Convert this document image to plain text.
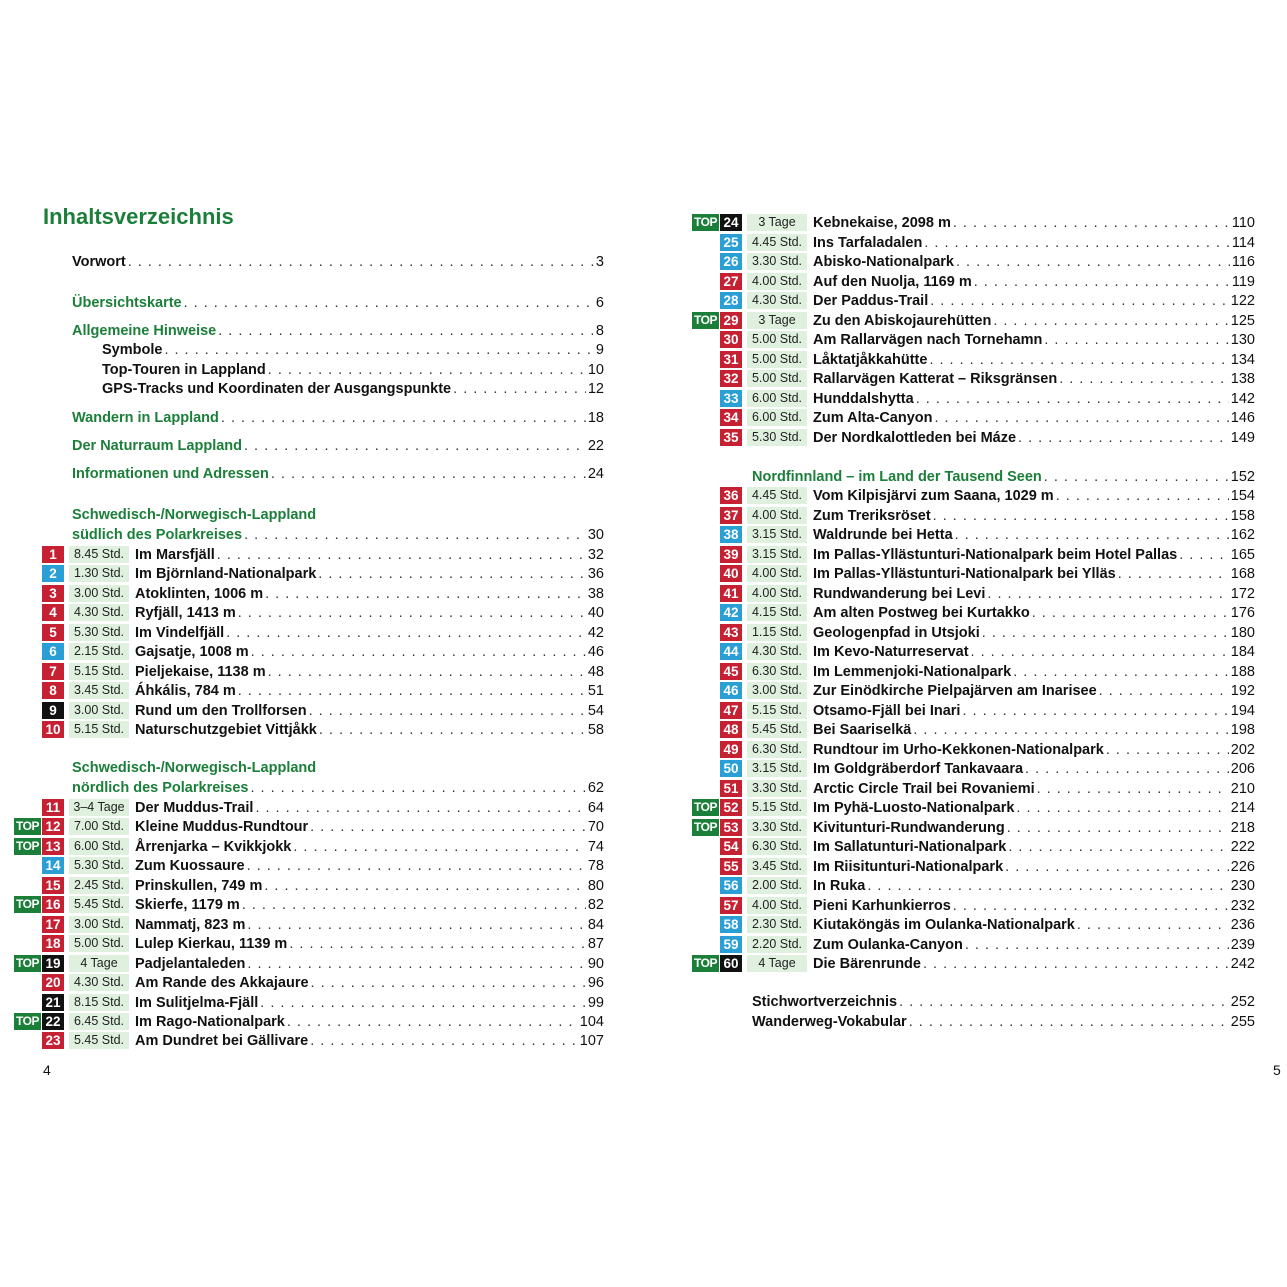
Inhaltsverzeichnis
Vorwort . . .	3
Übersichtskarte . . .	6
Allgemeine Hinweise . . .	8
Symbole . . .	9
Top-Touren in Lappland . . .	10
GPS-Tracks und Koordinaten der Ausgangspunkte . . .	12
Wandern in Lappland . . .	18
Der Naturraum Lappland . . .	22
Informationen und Adressen . . .	24
Schwedisch-/Norwegisch-Lappland
südlich des Polarkreises . . .	30
1	8.45 Std. Im Marsfjäll . . .	32
2	1.30 Std. Im Björnland-Nationalpark . . .	36
3	3.00 Std. Atoklinten, 1006 m . . .	38
4	4.30 Std. Ryfjäll, 1413 m . . .	40
5	5.30 Std. Im Vindelfjäll . . .	42
6	2.15 Std. Gajsatje, 1008 m . . .	46
7	5.15 Std. Pieljekaise, 1138 m . . .	48
8	3.45 Std. Áhkális, 784 m . . .	51
9	3.00 Std. Rund um den Trollforsen . . .	54
10	5.15 Std. Naturschutzgebiet Vittjåkk . . .	58
Schwedisch-/Norwegisch-Lappland
nördlich des Polarkreises . . .	62
11	3–4 Tage Der Muddus-Trail . . .	64
TOP 12	7.00 Std. Kleine Muddus-Rundtour . . .	70
TOP 13	6.00 Std. Årrenjarka – Kvikkjokk . . .	74
14	5.30 Std. Zum Kuossaure . . .	78
15	2.45 Std. Prinskullen, 749 m . . .	80
TOP 16	5.45 Std. Skierfe, 1179 m . . .	82
17	3.00 Std. Nammatj, 823 m . . .	84
18	5.00 Std. Lulep Kierkau, 1139 m . . .	87
TOP 19	4 Tage	Padjelantaleden . . .	90
20	4.30 Std. Am Rande des Akkajaure . . .	96
21	8.15 Std. Im Sulitjelma-Fjäll . . .	99
TOP 22	6.45 Std. Im Rago-Nationalpark . . .	104
23	5.45 Std. Am Dundret bei Gällivare . . .	107
4
TOP 24	3 Tage	Kebnekaise, 2098 m . . .	110
25	4.45 Std. Ins Tarfaladalen . . .	114
26	3.30 Std. Abisko-Nationalpark . . .	116
27	4.00 Std. Auf den Nuolja, 1169 m . . .	119
28	4.30 Std. Der Paddus-Trail . . .	122
TOP 29	3 Tage	Zu den Abiskojaurehütten . . .	125
30	5.00 Std. Am Rallarvägen nach Tornehamn . . .	130
31	5.00 Std. Låktatjåkkahütte . . .	134
32	5.00 Std. Rallarvägen Katterat – Riksgränsen . . .	138
33	6.00 Std. Hunddalshytta . . .	142
34	6.00 Std. Zum Alta-Canyon . . .	146
35	5.30 Std. Der Nordkalottleden bei Máze . . .	149
Nordfinnland – im Land der Tausend Seen . . .	152
36	4.45 Std. Vom Kilpisjärvi zum Saana, 1029 m . . .	154
37	4.00 Std. Zum Treriksröset . . .	158
38	3.15 Std. Waldrunde bei Hetta . . .	162
39	3.15 Std. Im Pallas-Yllästunturi-Nationalpark beim Hotel Pallas . . .	165
40	4.00 Std. Im Pallas-Yllästunturi-Nationalpark bei Ylläs . . .	168
41	4.00 Std. Rundwanderung bei Levi . . .	172
42	4.15 Std. Am alten Postweg bei Kurtakko . . .	176
43	1.15 Std. Geologenpfad in Utsjoki . . .	180
44	4.30 Std. Im Kevo-Naturreservat . . .	184
45	6.30 Std. Im Lemmenjoki-Nationalpark . . .	188
46	3.00 Std. Zur Einödkirche Pielpajärven am Inarisee . . .	192
47	5.15 Std. Otsamo-Fjäll bei Inari . . .	194
48	5.45 Std. Bei Saariselkä . . .	198
49	6.30 Std. Rundtour im Urho-Kekkonen-Nationalpark . . .	202
50	3.15 Std. Im Goldgräberdorf Tankavaara . . .	206
51	3.30 Std. Arctic Circle Trail bei Rovaniemi . . .	210
TOP 52	5.15 Std. Im Pyhä-Luosto-Nationalpark . . .	214
TOP 53	3.30 Std. Kivitunturi-Rundwanderung . . .	218
54	6.30 Std. Im Sallatunturi-Nationalpark . . .	222
55	3.45 Std. Im Riisitunturi-Nationalpark . . .	226
56	2.00 Std. In Ruka . . .	230
57	4.00 Std. Pieni Karhunkierros . . .	232
58	2.30 Std. Kiutaköngäs im Oulanka-Nationalpark . . .	236
59	2.20 Std. Zum Oulanka-Canyon . . .	239
TOP 60	4 Tage	Die Bärenrunde . . .	242
Stichwortverzeichnis . . .	252
Wanderweg-Vokabular . . .	255
5
